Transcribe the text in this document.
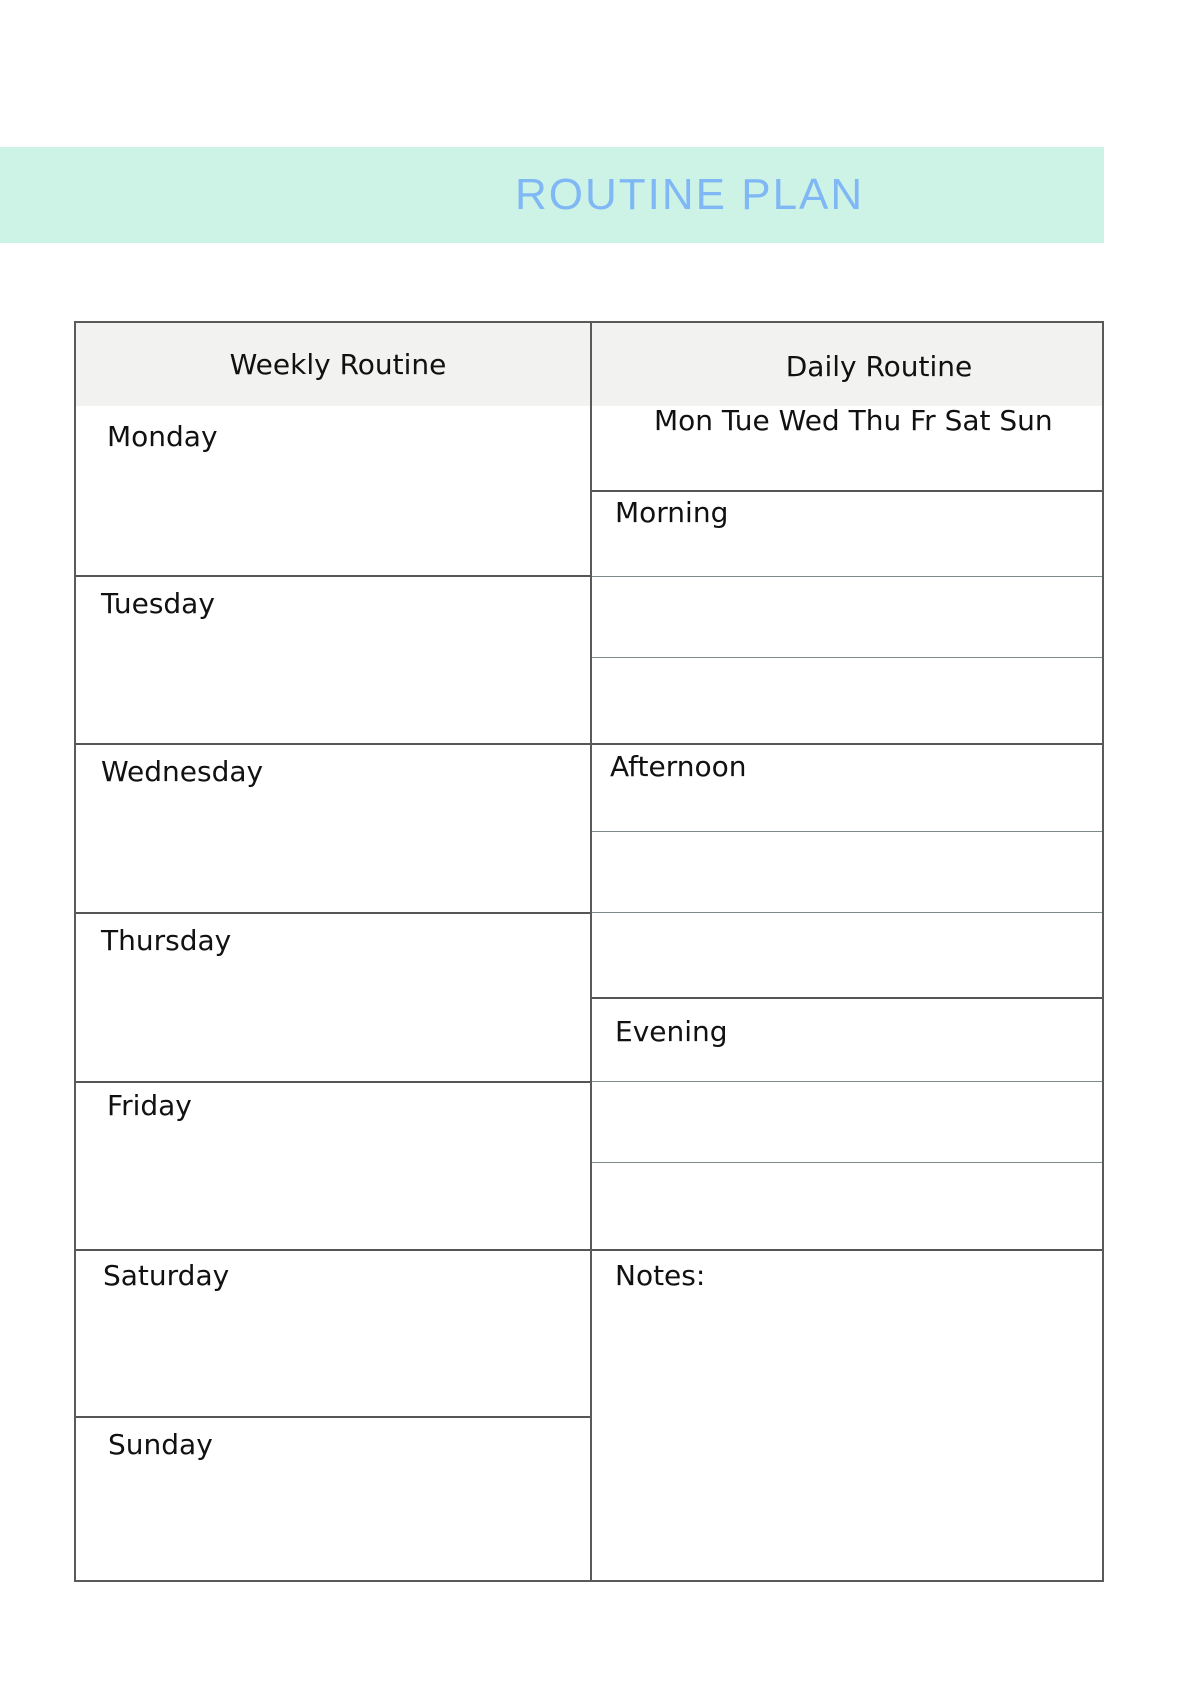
ROUTINE PLAN
Weekly Routine
Monday
Tuesday
Wednesday
Thursday
Friday
Saturday
Sunday
Daily Routine
Mon Tue Wed Thu Fr Sat Sun
Morning
Afternoon
Evening
Notes:
